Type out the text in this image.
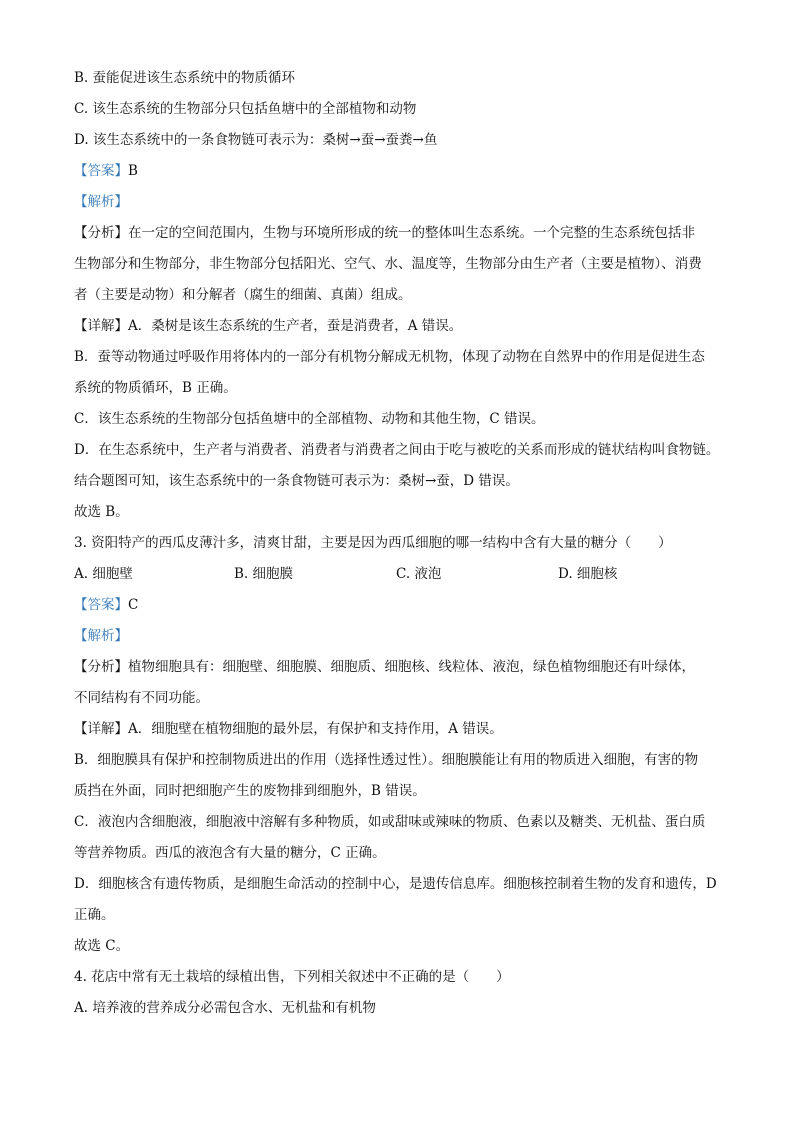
B. 蚕能促进该生态系统中的物质循环
C. 该生态系统的生物部分只包括鱼塘中的全部植物和动物
D. 该生态系统中的一条食物链可表示为：桑树→蚕→蚕粪→鱼
【答案】B
【解析】
【分析】在一定的空间范围内，生物与环境所形成的统一的整体叫生态系统。一个完整的生态系统包括非
生物部分和生物部分，非生物部分包括阳光、空气、水、温度等，生物部分由生产者（主要是植物）、消费
者（主要是动物）和分解者（腐生的细菌、真菌）组成。
【详解】A．桑树是该生态系统的生产者，蚕是消费者，A 错误。
B．蚕等动物通过呼吸作用将体内的一部分有机物分解成无机物，体现了动物在自然界中的作用是促进生态
系统的物质循环，B 正确。
C．该生态系统的生物部分包括鱼塘中的全部植物、动物和其他生物，C 错误。
D．在生态系统中，生产者与消费者、消费者与消费者之间由于吃与被吃的关系而形成的链状结构叫食物链。
结合题图可知，该生态系统中的一条食物链可表示为：桑树→蚕，D 错误。
故选 B。
3. 资阳特产的西瓜皮薄汁多，清爽甘甜，主要是因为西瓜细胞的哪一结构中含有大量的糖分（　　）
A. 细胞壁	B. 细胞膜	C. 液泡	D. 细胞核
【答案】C
【解析】
【分析】植物细胞具有：细胞壁、细胞膜、细胞质、细胞核、线粒体、液泡，绿色植物细胞还有叶绿体，
不同结构有不同功能。
【详解】A．细胞壁在植物细胞的最外层，有保护和支持作用，A 错误。
B．细胞膜具有保护和控制物质进出的作用（选择性透过性）。细胞膜能让有用的物质进入细胞，有害的物
质挡在外面，同时把细胞产生的废物排到细胞外，B 错误。
C．液泡内含细胞液，细胞液中溶解有多种物质，如或甜味或辣味的物质、色素以及糖类、无机盐、蛋白质
等营养物质。西瓜的液泡含有大量的糖分，C 正确。
D．细胞核含有遗传物质，是细胞生命活动的控制中心，是遗传信息库。细胞核控制着生物的发育和遗传，D
正确。
故选 C。
4. 花店中常有无土栽培的绿植出售，下列相关叙述中不正确的是（　　）
A. 培养液的营养成分必需包含水、无机盐和有机物
